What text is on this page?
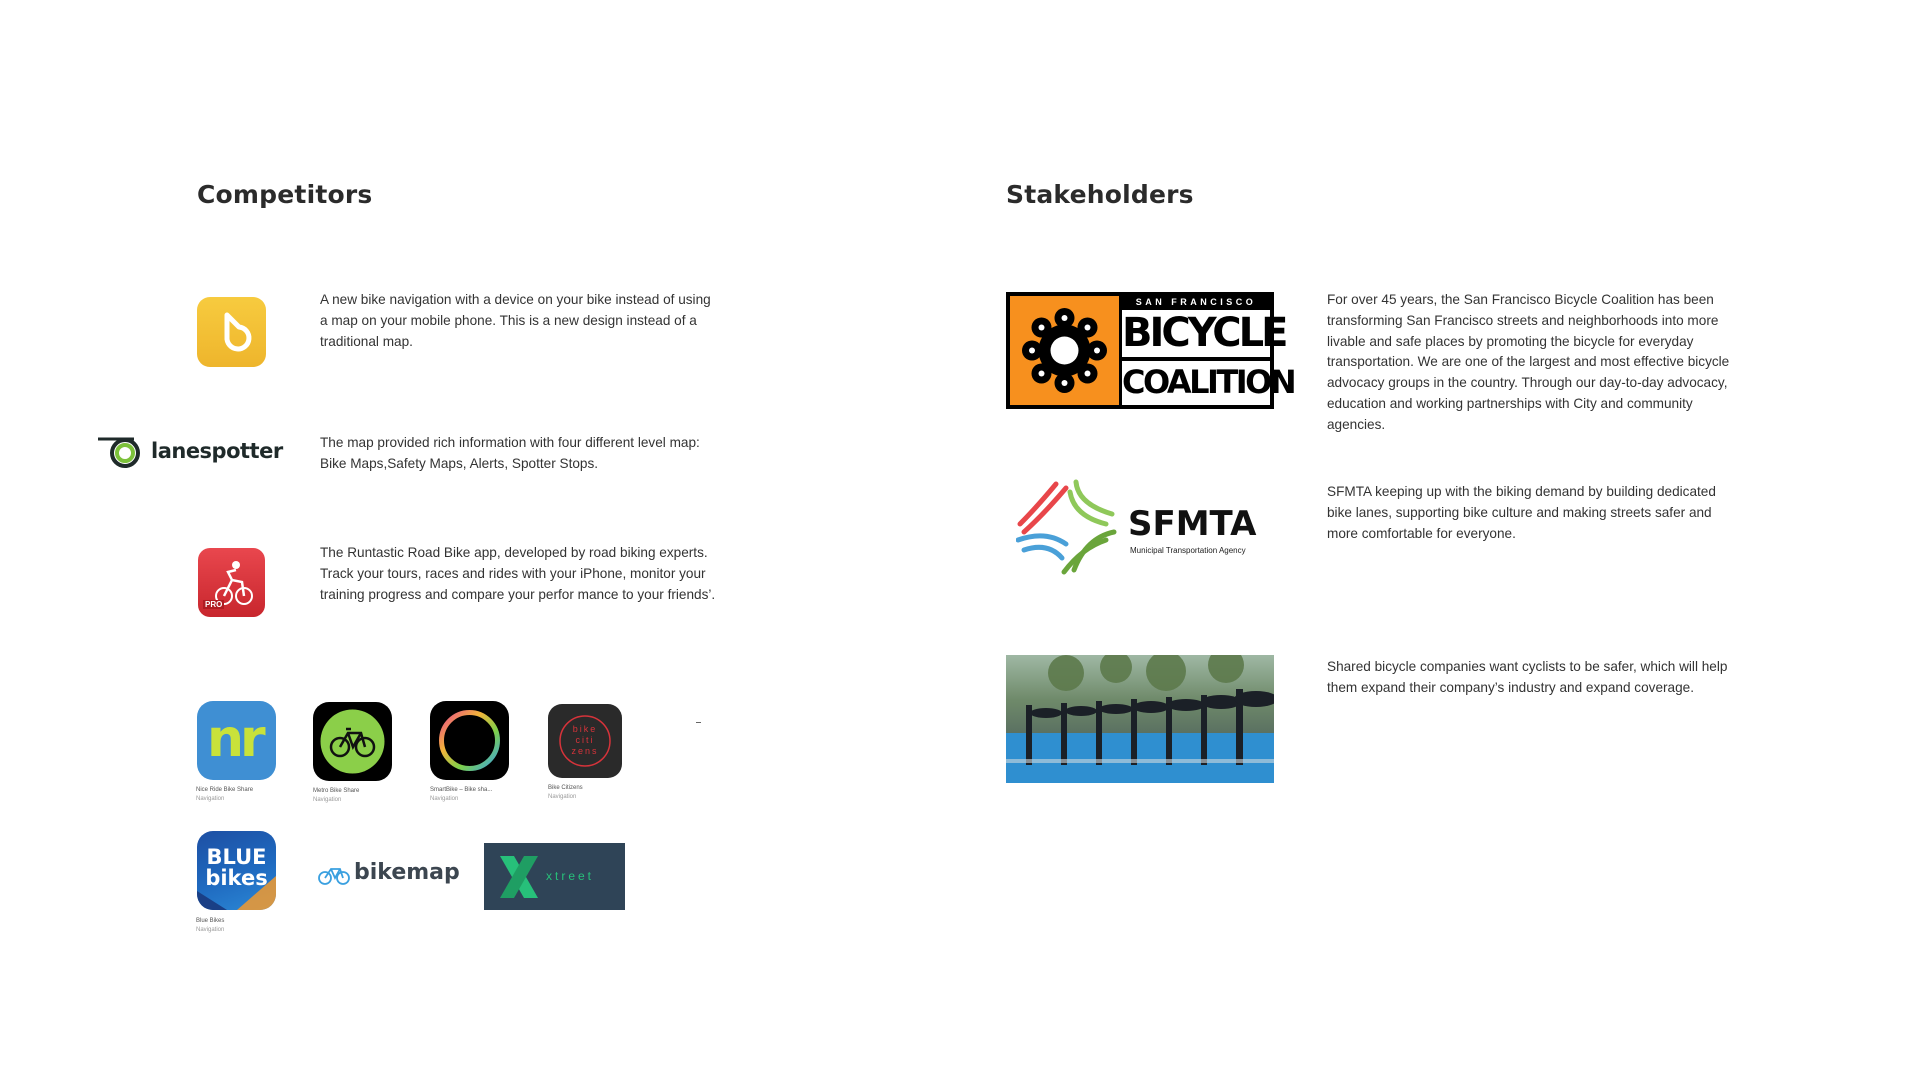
Competitors
A new bike navigation with a device on your bike instead of using a map on your mobile phone. This is a new design instead of a traditional map.
lanespotter	The map provided rich information with four different level map: Bike Maps,Safety Maps, Alerts, Spotter Stops.
PRO
The Runtastic Road Bike app, developed by road biking experts. Track your tours, races and rides with your iPhone, monitor your training progress and compare your perfor mance to your friends’.
nr
Nice Ride Bike Share
Navigation
Metro Bike Share
Navigation
SmartBike – Bike sha...
Navigation
bike citi zens
Bike Citizens
Navigation
BLUE bikes
Blue Bikes
Navigation
bikemap	xtreet
Stakeholders
SAN FRANCISCO
BICYCLE
COALITION
For over 45 years, the San Francisco Bicycle Coalition has been transforming San Francisco streets and neighborhoods into more livable and safe places by promoting the bicycle for everyday transportation. We are one of the largest and most effective bicycle advocacy groups in the country. Through our day-to-day advocacy, education and working partnerships with City and community agencies.
SFMTA
Municipal Transportation Agency
SFMTA keeping up with the biking demand by building dedicated bike lanes, supporting bike culture and making streets safer and more comfortable for everyone.
Shared bicycle companies want cyclists to be safer, which will help them expand their company’s industry and expand coverage.
